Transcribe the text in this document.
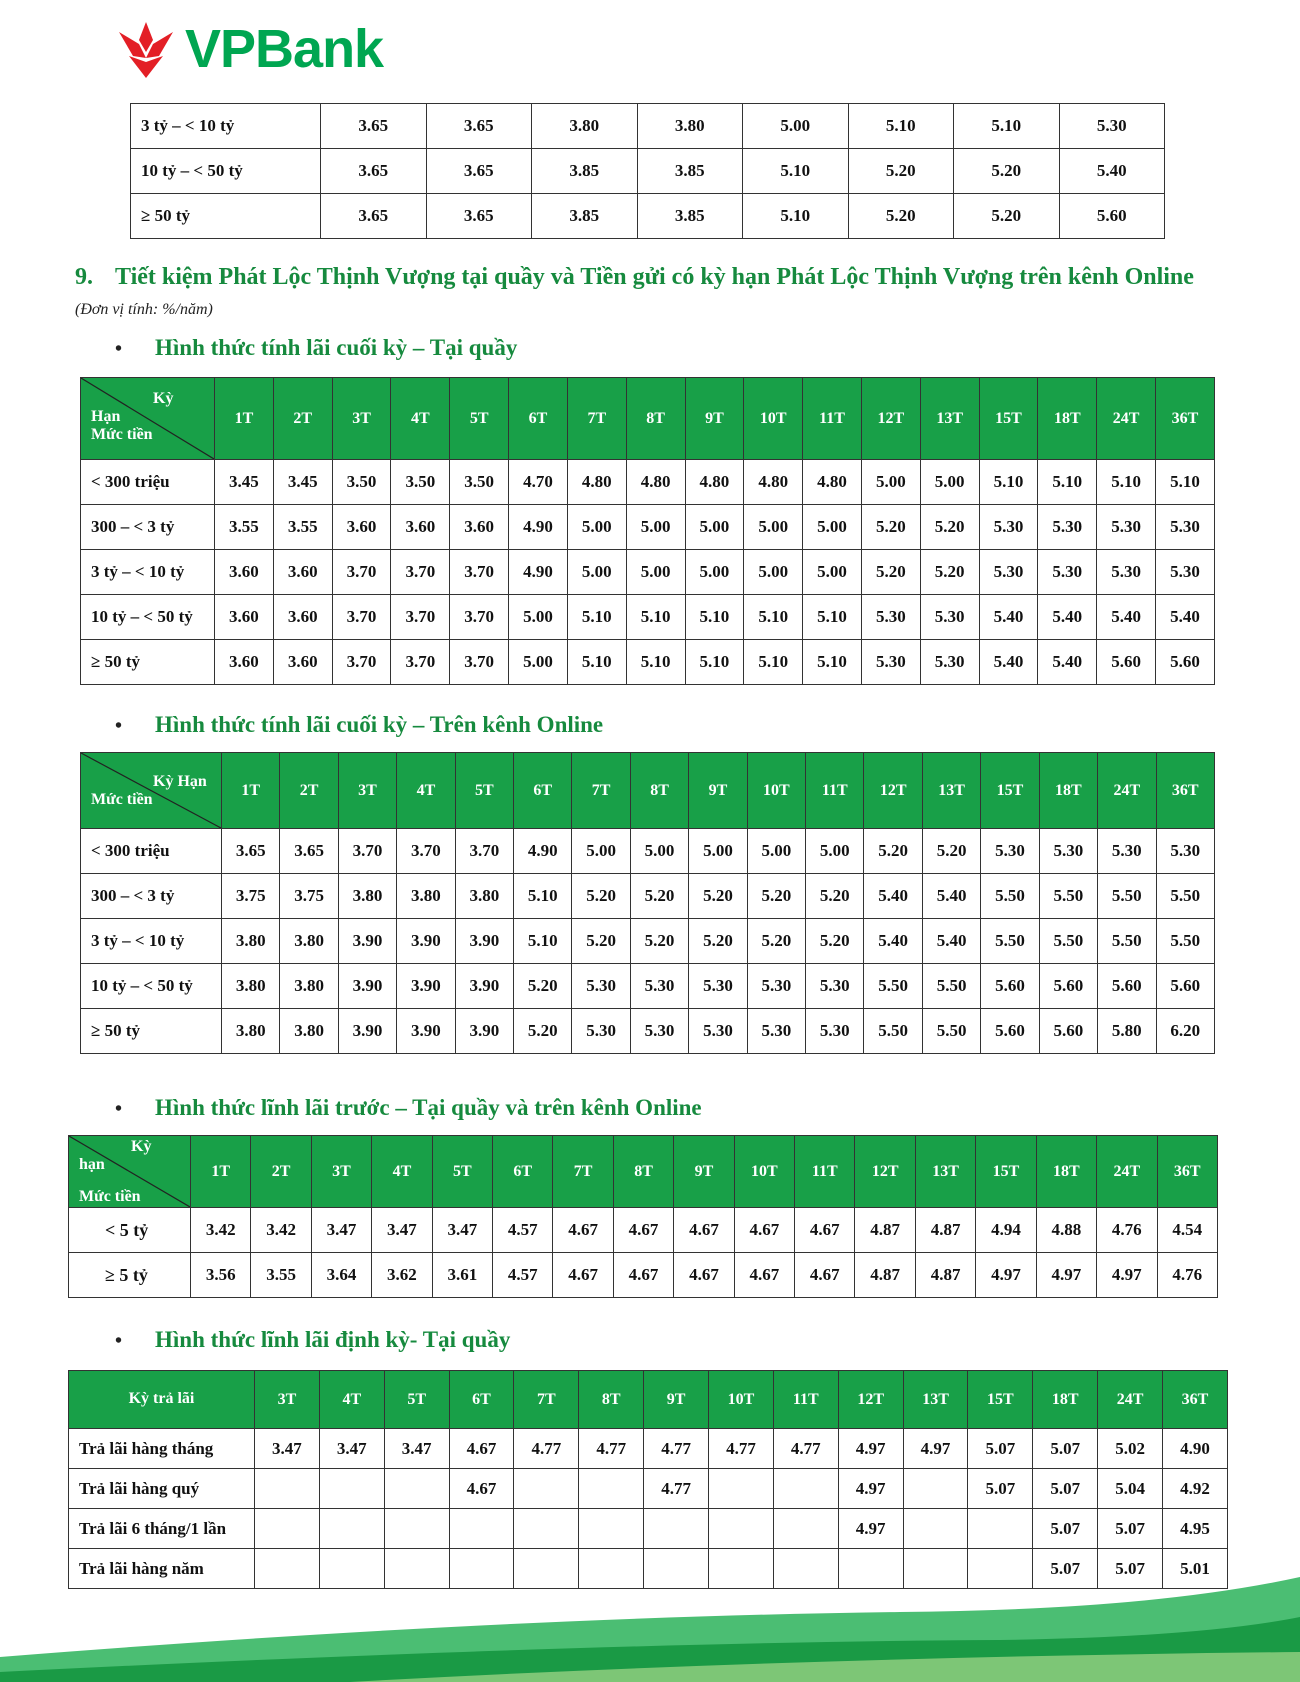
VPBank
3 tỷ – < 10 tỷ	3.65	3.65	3.80	3.80	5.00	5.10	5.10	5.30
10 tỷ – < 50 tỷ	3.65	3.65	3.85	3.85	5.10	5.20	5.20	5.40
≥ 50 tỷ	3.65	3.65	3.85	3.85	5.10	5.20	5.20	5.60
9. Tiết kiệm Phát Lộc Thịnh Vượng tại quầy và Tiền gửi có kỳ hạn Phát Lộc Thịnh Vượng trên kênh Online (Đơn vị tính: %/năm)
• Hình thức tính lãi cuối kỳ – Tại quầy
Kỳ
Hạn
Mức tiền	1T	2T	3T	4T	5T	6T	7T	8T	9T	10T	11T	12T	13T	15T	18T	24T	36T
< 300 triệu	3.45	3.45	3.50	3.50	3.50	4.70	4.80	4.80	4.80	4.80	4.80	5.00	5.00	5.10	5.10	5.10	5.10
300 – < 3 tỷ	3.55	3.55	3.60	3.60	3.60	4.90	5.00	5.00	5.00	5.00	5.00	5.20	5.20	5.30	5.30	5.30	5.30
3 tỷ – < 10 tỷ	3.60	3.60	3.70	3.70	3.70	4.90	5.00	5.00	5.00	5.00	5.00	5.20	5.20	5.30	5.30	5.30	5.30
10 tỷ – < 50 tỷ	3.60	3.60	3.70	3.70	3.70	5.00	5.10	5.10	5.10	5.10	5.10	5.30	5.30	5.40	5.40	5.40	5.40
≥ 50 tỷ	3.60	3.60	3.70	3.70	3.70	5.00	5.10	5.10	5.10	5.10	5.10	5.30	5.30	5.40	5.40	5.60	5.60
• Hình thức tính lãi cuối kỳ – Trên kênh Online
Kỳ Hạn
Mức tiền	1T	2T	3T	4T	5T	6T	7T	8T	9T	10T	11T	12T	13T	15T	18T	24T	36T
< 300 triệu	3.65	3.65	3.70	3.70	3.70	4.90	5.00	5.00	5.00	5.00	5.00	5.20	5.20	5.30	5.30	5.30	5.30
300 – < 3 tỷ	3.75	3.75	3.80	3.80	3.80	5.10	5.20	5.20	5.20	5.20	5.20	5.40	5.40	5.50	5.50	5.50	5.50
3 tỷ – < 10 tỷ	3.80	3.80	3.90	3.90	3.90	5.10	5.20	5.20	5.20	5.20	5.20	5.40	5.40	5.50	5.50	5.50	5.50
10 tỷ – < 50 tỷ	3.80	3.80	3.90	3.90	3.90	5.20	5.30	5.30	5.30	5.30	5.30	5.50	5.50	5.60	5.60	5.60	5.60
≥ 50 tỷ	3.80	3.80	3.90	3.90	3.90	5.20	5.30	5.30	5.30	5.30	5.30	5.50	5.50	5.60	5.60	5.80	6.20
• Hình thức lĩnh lãi trước – Tại quầy và trên kênh Online
Kỳ
hạn
Mức tiền	1T	2T	3T	4T	5T	6T	7T	8T	9T	10T	11T	12T	13T	15T	18T	24T	36T
< 5 tỷ	3.42	3.42	3.47	3.47	3.47	4.57	4.67	4.67	4.67	4.67	4.67	4.87	4.87	4.94	4.88	4.76	4.54
≥ 5 tỷ	3.56	3.55	3.64	3.62	3.61	4.57	4.67	4.67	4.67	4.67	4.67	4.87	4.87	4.97	4.97	4.97	4.76
• Hình thức lĩnh lãi định kỳ- Tại quầy
Kỳ trả lãi	3T	4T	5T	6T	7T	8T	9T	10T	11T	12T	13T	15T	18T	24T	36T
Trả lãi hàng tháng	3.47	3.47	3.47	4.67	4.77	4.77	4.77	4.77	4.77	4.97	4.97	5.07	5.07	5.02	4.90
Trả lãi hàng quý				4.67			4.77			4.97		5.07	5.07	5.04	4.92
Trả lãi 6 tháng/1 lần										4.97			5.07	5.07	4.95
Trả lãi hàng năm													5.07	5.07	5.01
